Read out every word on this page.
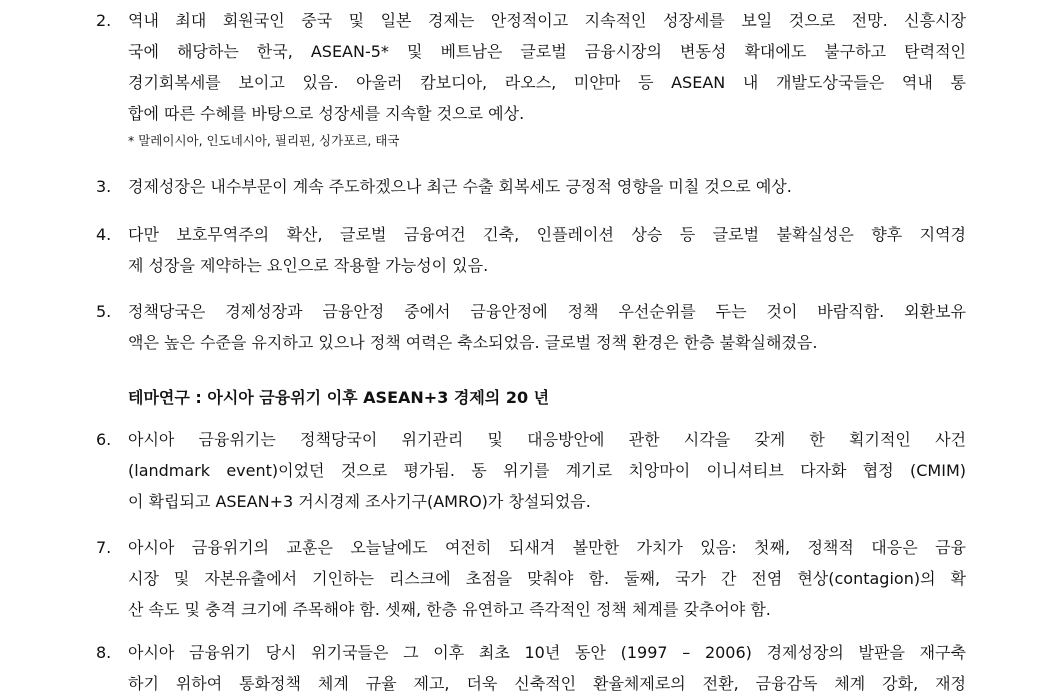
2.	역내 최대 회원국인 중국 및 일본 경제는 안정적이고 지속적인 성장세를 보일 것으로 전망. 신흥시장
국에 해당하는 한국, ASEAN-5* 및 베트남은 글로벌 금융시장의 변동성 확대에도 불구하고 탄력적인
경기회복세를 보이고 있음. 아울러 캄보디아, 라오스, 미얀마 등 ASEAN 내 개발도상국들은 역내 통
합에 따른 수혜를 바탕으로 성장세를 지속할 것으로 예상.
* 말레이시아, 인도네시아, 필리핀, 싱가포르, 태국
3.	경제성장은 내수부문이 계속 주도하겠으나 최근 수출 회복세도 긍정적 영향을 미칠 것으로 예상.
4.	다만 보호무역주의 확산, 글로벌 금융여건 긴축, 인플레이션 상승 등 글로벌 불확실성은 향후 지역경
제 성장을 제약하는 요인으로 작용할 가능성이 있음.
5.	정책당국은 경제성장과 금융안정 중에서 금융안정에 정책 우선순위를 두는 것이 바람직함. 외환보유
액은 높은 수준을 유지하고 있으나 정책 여력은 축소되었음. 글로벌 정책 환경은 한층 불확실해졌음.
테마연구 : 아시아 금융위기 이후 ASEAN+3 경제의 20 년
6.	아시아 금융위기는 정책당국이 위기관리 및 대응방안에 관한 시각을 갖게 한 획기적인 사건
(landmark event)이었던 것으로 평가됨. 동 위기를 계기로 치앙마이 이니셔티브 다자화 협정 (CMIM)
이 확립되고 ASEAN+3 거시경제 조사기구(AMRO)가 창설되었음.
7.	아시아 금융위기의 교훈은 오늘날에도 여전히 되새겨 볼만한 가치가 있음: 첫째, 정책적 대응은 금융
시장 및 자본유출에서 기인하는 리스크에 초점을 맞춰야 함. 둘째, 국가 간 전염 현상(contagion)의 확
산 속도 및 충격 크기에 주목해야 함. 셋째, 한층 유연하고 즉각적인 정책 체계를 갖추어야 함.
8.	아시아 금융위기 당시 위기국들은 그 이후 최초 10년 동안 (1997 – 2006) 경제성장의 발판을 재구축
하기 위하여 통화정책 체계 규율 제고, 더욱 신축적인 환율체제로의 전환, 금융감독 체계 강화, 재정
